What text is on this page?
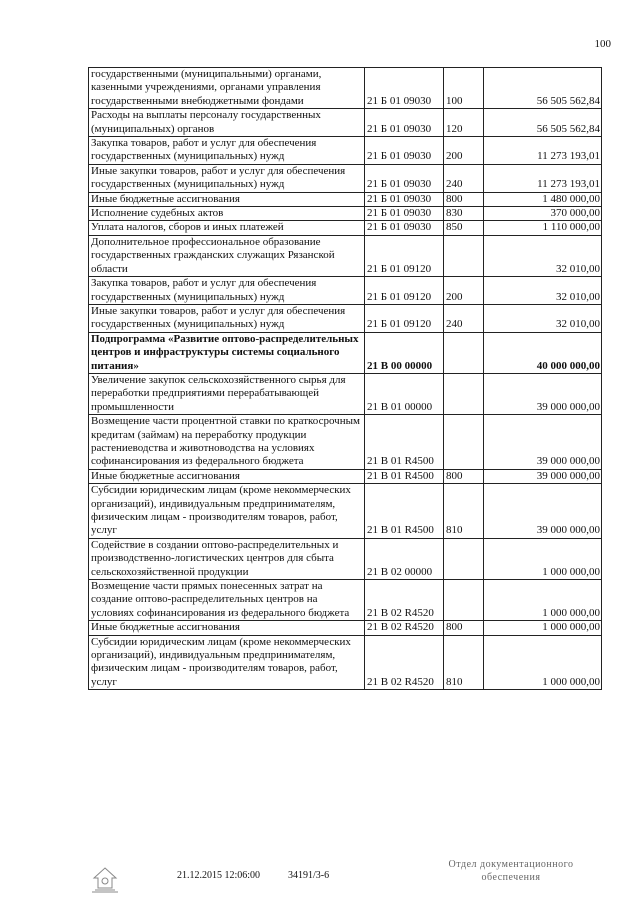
100
государственными (муниципальными) органами, казенными учреждениями, органами управления государственными внебюджетными фондами	21 Б 01 09030	100	56 505 562,84
Расходы на выплаты персоналу государственных (муниципальных) органов	21 Б 01 09030	120	56 505 562,84
Закупка товаров, работ и услуг для обеспечения государственных (муниципальных) нужд	21 Б 01 09030	200	11 273 193,01
Иные закупки товаров, работ и услуг для обеспечения государственных (муниципальных) нужд	21 Б 01 09030	240	11 273 193,01
Иные бюджетные ассигнования	21 Б 01 09030	800	1 480 000,00
Исполнение судебных актов	21 Б 01 09030	830	370 000,00
Уплата налогов, сборов и иных платежей	21 Б 01 09030	850	1 110 000,00
Дополнительное профессиональное образование государственных гражданских служащих Рязанской области	21 Б 01 09120		32 010,00
Закупка товаров, работ и услуг для обеспечения государственных (муниципальных) нужд	21 Б 01 09120	200	32 010,00
Иные закупки товаров, работ и услуг для обеспечения государственных (муниципальных) нужд	21 Б 01 09120	240	32 010,00
Подпрограмма «Развитие оптово-распределительных центров и инфраструктуры системы социального питания»	21 В 00 00000		40 000 000,00
Увеличение закупок сельскохозяйственного сырья для переработки предприятиями перерабатывающей промышленности	21 В 01 00000		39 000 000,00
Возмещение части процентной ставки по краткосрочным кредитам (займам) на переработку продукции растениеводства и животноводства на условиях софинансирования из федерального бюджета	21 В 01 R4500		39 000 000,00
Иные бюджетные ассигнования	21 В 01 R4500	800	39 000 000,00
Субсидии юридическим лицам (кроме некоммерческих организаций), индивидуальным предпринимателям, физическим лицам - производителям товаров, работ, услуг	21 В 01 R4500	810	39 000 000,00
Содействие в создании оптово-распределительных и производственно-логистических центров для сбыта сельскохозяйственной продукции	21 В 02 00000		1 000 000,00
Возмещение части прямых понесенных затрат на создание оптово-распределительных центров на условиях софинансирования из федерального бюджета	21 В 02 R4520		1 000 000,00
Иные бюджетные ассигнования	21 В 02 R4520	800	1 000 000,00
Субсидии юридическим лицам (кроме некоммерческих организаций), индивидуальным предпринимателям, физическим лицам - производителям товаров, работ, услуг	21 В 02 R4520	810	1 000 000,00
21.12.2015 12:06:00	34191/3-6
Отдел документационного
обеспечения
